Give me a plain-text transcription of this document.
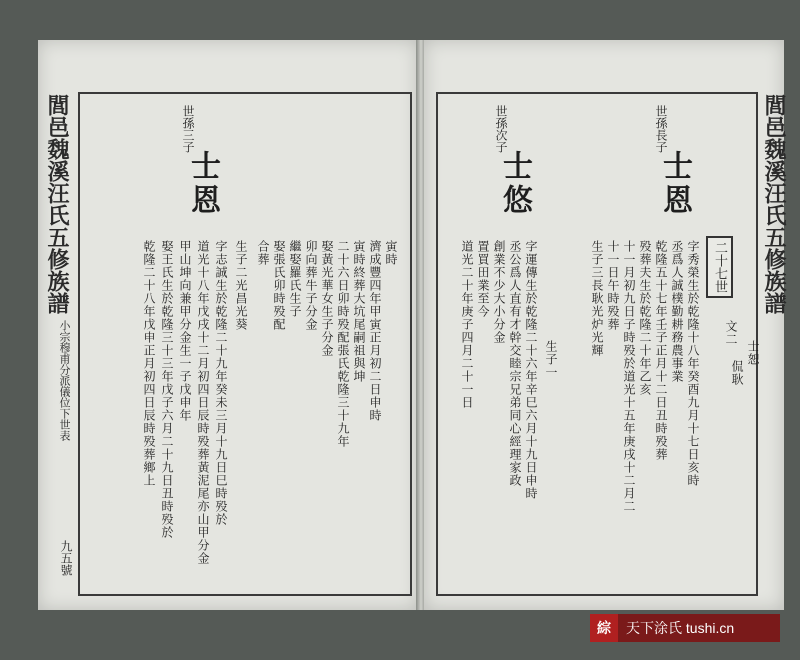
閭邑魏溪汪氏五修族譜
小宗穆甫分派儀位下世表
九五號
世孫三子
士恩
寅時
濟成豐四年甲寅正月初二日申時
寅時終葬大坑尾嗣祖與坤
二十六日卯時殁配張氏乾隆三十九年
娶黃光華女生子分金
卯向葬牛子分金
繼娶羅氏生子
娶張氏卯時殁配
合葬
生子二光昌光葵
字志誠生於乾隆二十九年癸未三月十九日巳時殁於
道光十八年戊戌十二月初四日辰時殁葬黃泥尾亦山甲分金
甲山坤向兼甲分金生一子戊申年
娶王氏生於乾隆三十三年戊子六月二十九日丑時殁於
乾隆二十八年戊申正月初四日辰時殁葬鄉上
閭邑魏溪汪氏五修族譜
二十七世
世孫長子
士恩
世孫次子
士悠
字秀榮生於乾隆十八年癸酉九月十七日亥時
丞爲人誠樸勤耕務農事業
乾隆五十七年壬子正月十二日丑時殁葬
殁葬夫生於乾隆二十年乙亥
十一月初九日子時殁於道光十五年庚戌十二月二
十一日午時殁葬
生子三長耿光炉光輝	文二
士恕
侃耿
字運傳生於乾隆二十六年辛巳六月十九日申時
丞公爲人直有才幹交睦宗兄弟同心經理家政
創業不少大小分金
置買田業至今
道光二十年庚子四月二十一日	生子一
綜	天下涂氏 tushi.cn
